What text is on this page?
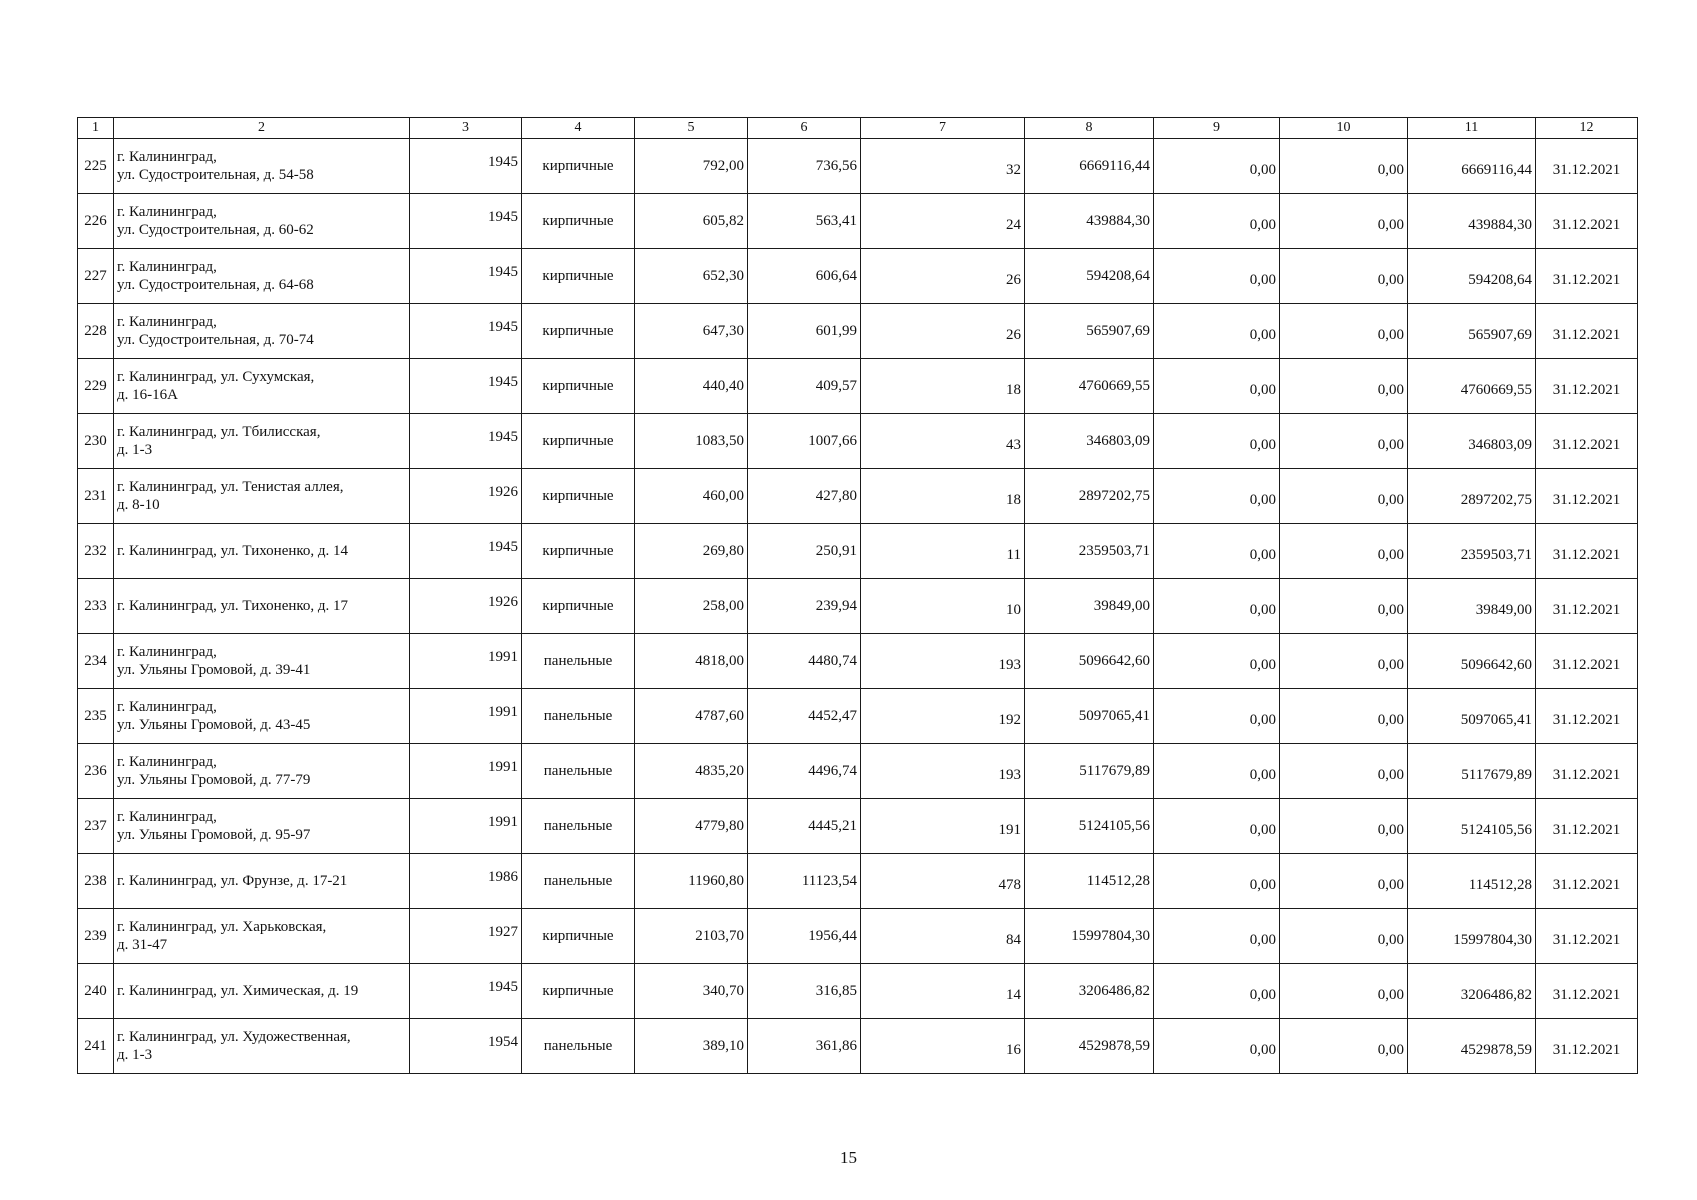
1	2	3	4	5	6	7	8	9	10	11	12
225	г. Калининград,
ул. Судостроительная, д. 54-58	1945	кирпичные	792,00	736,56	32	6669116,44	0,00	0,00	6669116,44	31.12.2021
226	г. Калининград,
ул. Судостроительная, д. 60-62	1945	кирпичные	605,82	563,41	24	439884,30	0,00	0,00	439884,30	31.12.2021
227	г. Калининград,
ул. Судостроительная, д. 64-68	1945	кирпичные	652,30	606,64	26	594208,64	0,00	0,00	594208,64	31.12.2021
228	г. Калининград,
ул. Судостроительная, д. 70-74	1945	кирпичные	647,30	601,99	26	565907,69	0,00	0,00	565907,69	31.12.2021
229	г. Калининград, ул. Сухумская,
д. 16-16А	1945	кирпичные	440,40	409,57	18	4760669,55	0,00	0,00	4760669,55	31.12.2021
230	г. Калининград, ул. Тбилисская,
д. 1-3	1945	кирпичные	1083,50	1007,66	43	346803,09	0,00	0,00	346803,09	31.12.2021
231	г. Калининград, ул. Тенистая аллея,
д. 8-10	1926	кирпичные	460,00	427,80	18	2897202,75	0,00	0,00	2897202,75	31.12.2021
232	г. Калининград, ул. Тихоненко, д. 14	1945	кирпичные	269,80	250,91	11	2359503,71	0,00	0,00	2359503,71	31.12.2021
233	г. Калининград, ул. Тихоненко, д. 17	1926	кирпичные	258,00	239,94	10	39849,00	0,00	0,00	39849,00	31.12.2021
234	г. Калининград,
ул. Ульяны Громовой, д. 39-41	1991	панельные	4818,00	4480,74	193	5096642,60	0,00	0,00	5096642,60	31.12.2021
235	г. Калининград,
ул. Ульяны Громовой, д. 43-45	1991	панельные	4787,60	4452,47	192	5097065,41	0,00	0,00	5097065,41	31.12.2021
236	г. Калининград,
ул. Ульяны Громовой, д. 77-79	1991	панельные	4835,20	4496,74	193	5117679,89	0,00	0,00	5117679,89	31.12.2021
237	г. Калининград,
ул. Ульяны Громовой, д. 95-97	1991	панельные	4779,80	4445,21	191	5124105,56	0,00	0,00	5124105,56	31.12.2021
238	г. Калининград, ул. Фрунзе, д. 17-21	1986	панельные	11960,80	11123,54	478	114512,28	0,00	0,00	114512,28	31.12.2021
239	г. Калининград, ул. Харьковская,
д. 31-47	1927	кирпичные	2103,70	1956,44	84	15997804,30	0,00	0,00	15997804,30	31.12.2021
240	г. Калининград, ул. Химическая, д. 19	1945	кирпичные	340,70	316,85	14	3206486,82	0,00	0,00	3206486,82	31.12.2021
241	г. Калининград, ул. Художественная,
д. 1-3	1954	панельные	389,10	361,86	16	4529878,59	0,00	0,00	4529878,59	31.12.2021
15
